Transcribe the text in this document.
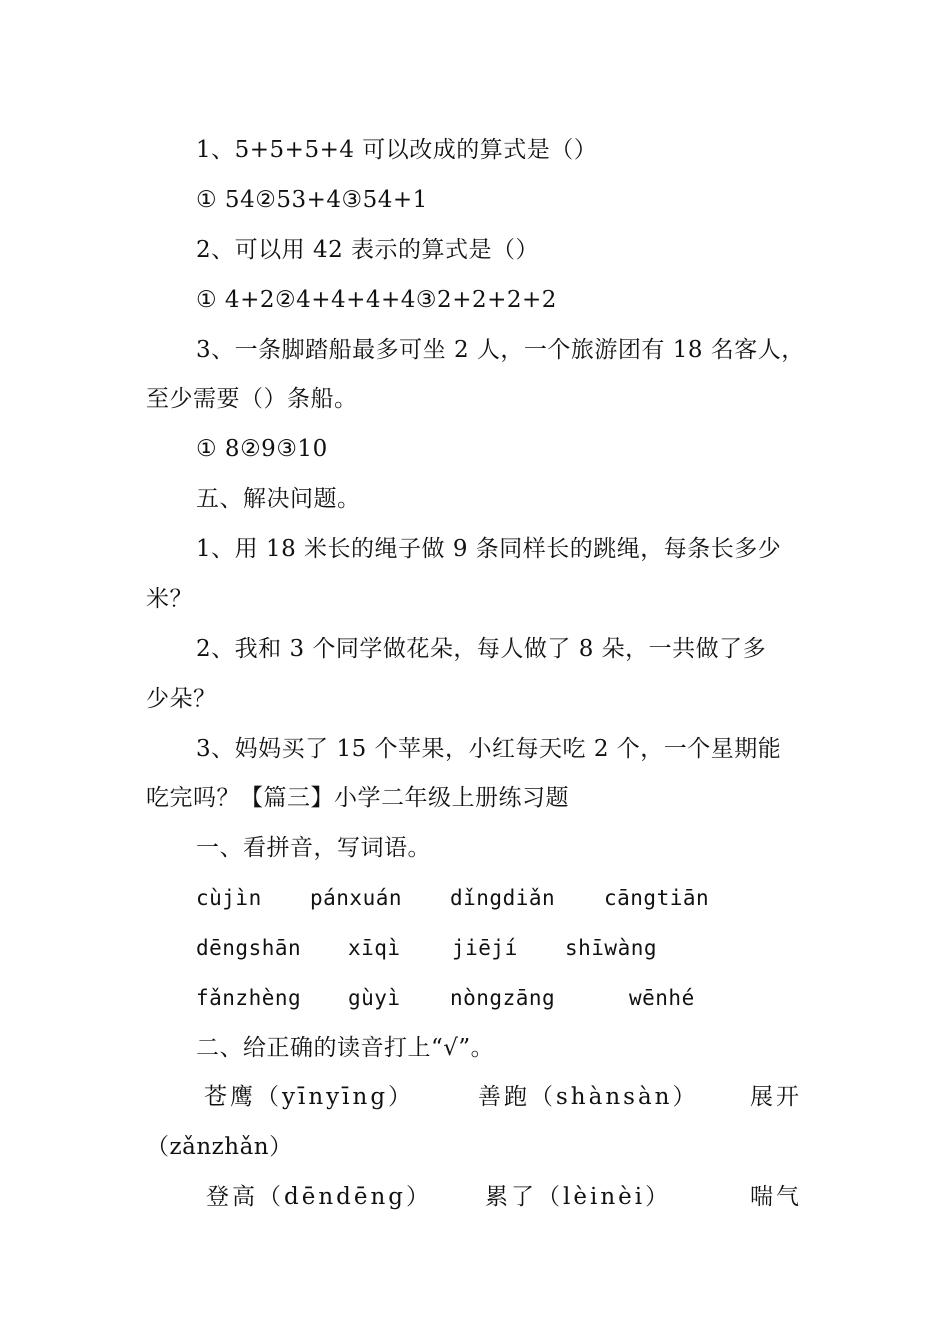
1、5+5+5+4 可以改成的算式是（）
① 54②53+4③54+1
2、可以用 42 表示的算式是（）
① 4+2②4+4+4+4③2+2+2+2
3、一条脚踏船最多可坐 2 人，一个旅游团有 18 名客人，
至少需要（）条船。
① 8②9③10
五、解决问题。
1、用 18 米长的绳子做 9 条同样长的跳绳，每条长多少
米？
2、我和 3 个同学做花朵，每人做了 8 朵，一共做了多
少朵？
3、妈妈买了 15 个苹果，小红每天吃 2 个，一个星期能
吃完吗？【篇三】小学二年级上册练习题
一、看拼音，写词语。
cùjìn pánxuán dǐngdiǎn cāngtiān
dēngshān xīqì jiējí shīwàng
fǎnzhèng gùyì nòngzāng	wēnhé
二、给正确的读音打上“√”。
苍鹰（yīnyīng）	善跑（shànsàn） 展开
（zǎnzhǎn）
登高（dēndēng） 累了（lèinèi）	喘气
